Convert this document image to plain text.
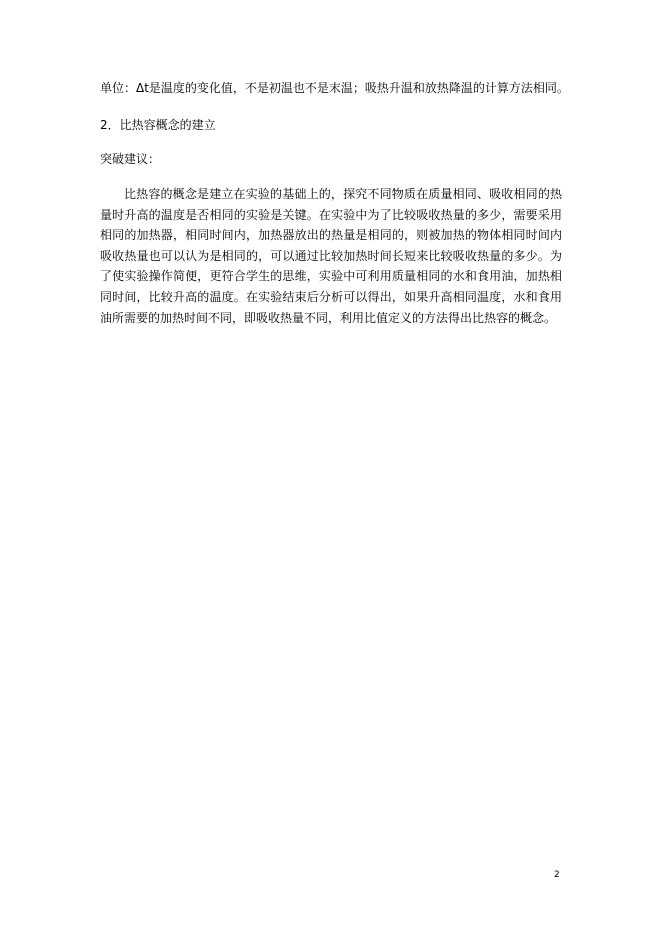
单位：Δt是温度的变化值，不是初温也不是末温；吸热升温和放热降温的计算方法相同。

2．比热容概念的建立

突破建议：

比热容的概念是建立在实验的基础上的，探究不同物质在质量相同、吸收相同的热量时升高的温度是否相同的实验是关键。在实验中为了比较吸收热量的多少，需要采用相同的加热器，相同时间内，加热器放出的热量是相同的，则被加热的物体相同时间内吸收热量也可以认为是相同的，可以通过比较加热时间长短来比较吸收热量的多少。为了使实验操作简便，更符合学生的思维，实验中可利用质量相同的水和食用油，加热相同时间，比较升高的温度。在实验结束后分析可以得出，如果升高相同温度，水和食用油所需要的加热时间不同，即吸收热量不同，利用比值定义的方法得出比热容的概念。

2
